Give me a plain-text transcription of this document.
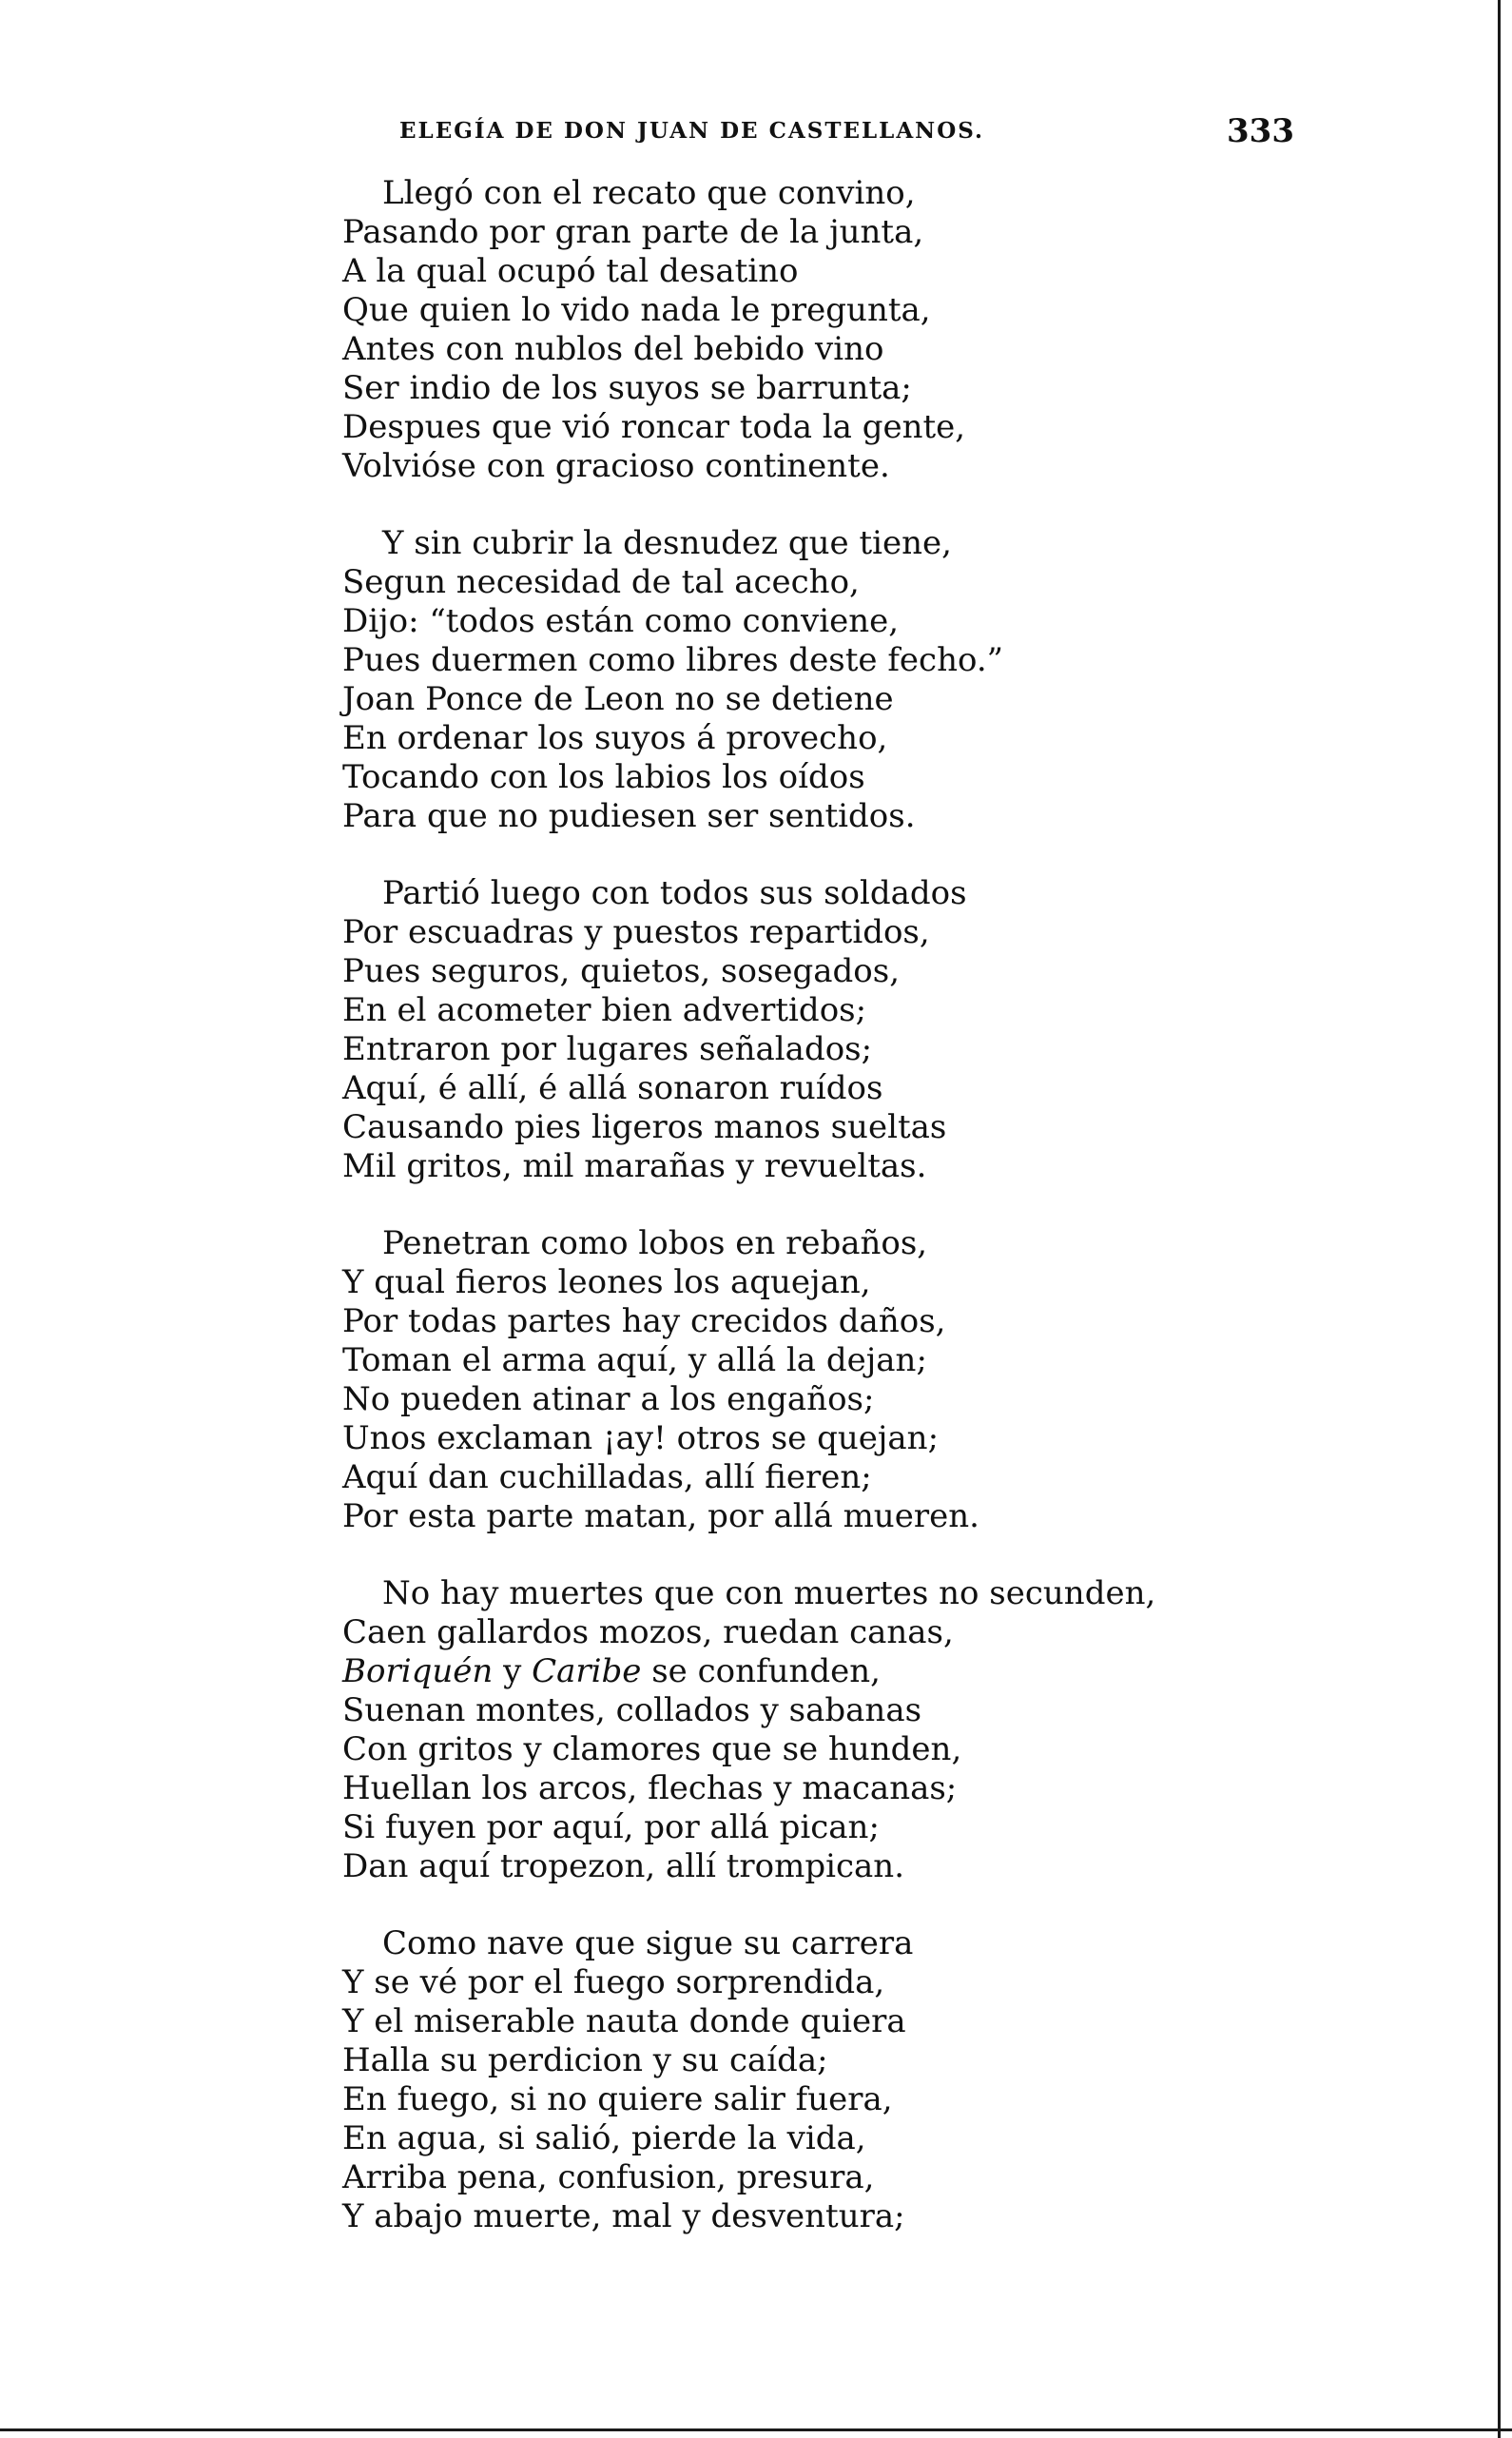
ELEGÍA DE DON JUAN DE CASTELLANOS.	333
Llegó con el recato que convino,
Pasando por gran parte de la junta,
A la qual ocupó tal desatino
Que quien lo vido nada le pregunta,
Antes con nublos del bebido vino
Ser indio de los suyos se barrunta;
Despues que vió roncar toda la gente,
Volvióse con gracioso continente.
Y sin cubrir la desnudez que tiene,
Segun necesidad de tal acecho,
Dijo: “todos están como conviene,
Pues duermen como libres deste fecho.”
Joan Ponce de Leon no se detiene
En ordenar los suyos á provecho,
Tocando con los labios los oídos
Para que no pudiesen ser sentidos.
Partió luego con todos sus soldados
Por escuadras y puestos repartidos,
Pues seguros, quietos, sosegados,
En el acometer bien advertidos;
Entraron por lugares señalados;
Aquí, é allí, é allá sonaron ruídos
Causando pies ligeros manos sueltas
Mil gritos, mil marañas y revueltas.
Penetran como lobos en rebaños,
Y qual fieros leones los aquejan,
Por todas partes hay crecidos daños,
Toman el arma aquí, y allá la dejan;
No pueden atinar a los engaños;
Unos exclaman ¡ay! otros se quejan;
Aquí dan cuchilladas, allí fieren;
Por esta parte matan, por allá mueren.
No hay muertes que con muertes no secunden,
Caen gallardos mozos, ruedan canas,
Boriquén y Caribe se confunden,
Suenan montes, collados y sabanas
Con gritos y clamores que se hunden,
Huellan los arcos, flechas y macanas;
Si fuyen por aquí, por allá pican;
Dan aquí tropezon, allí trompican.
Como nave que sigue su carrera
Y se vé por el fuego sorprendida,
Y el miserable nauta donde quiera
Halla su perdicion y su caída;
En fuego, si no quiere salir fuera,
En agua, si salió, pierde la vida,
Arriba pena, confusion, presura,
Y abajo muerte, mal y desventura;
